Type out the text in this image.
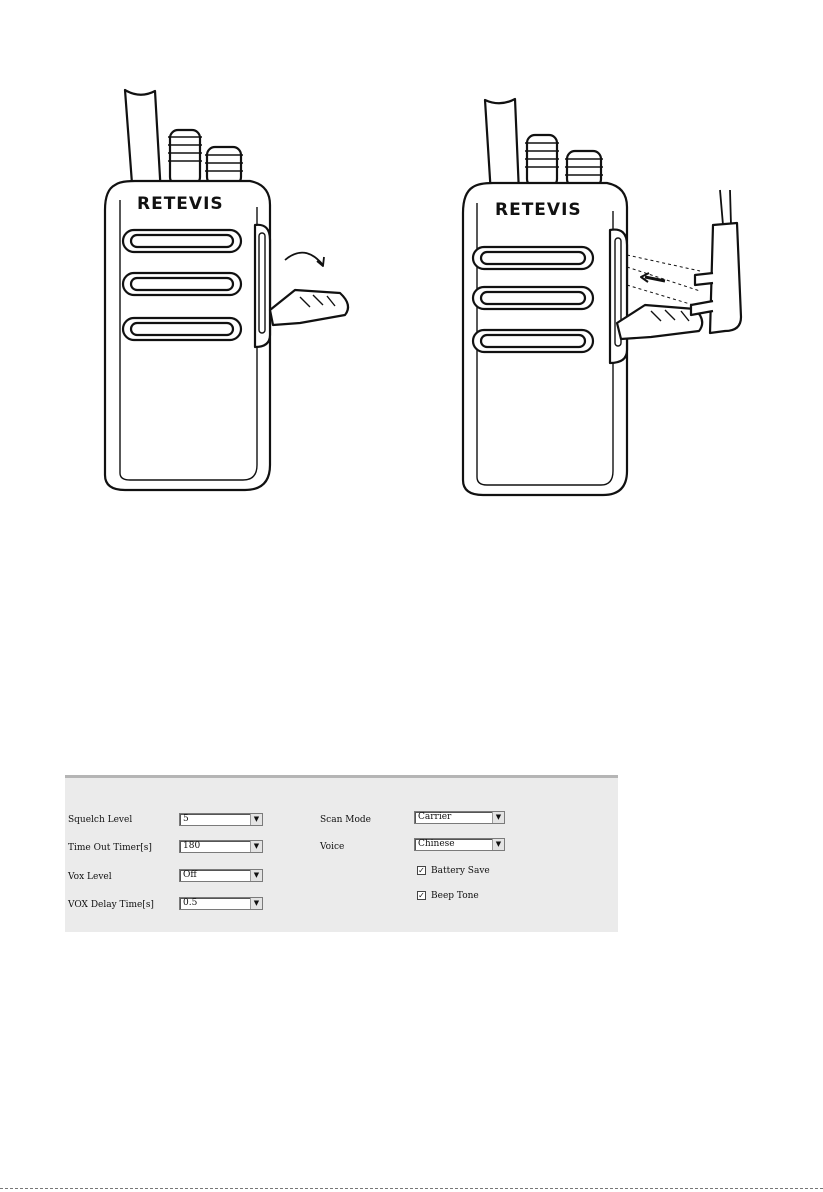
RETEVIS	RETEVIS
Squelch Level	5	▼
Time Out Timer[s]	180	▼
Vox Level	Off	▼
VOX Delay Time[s]	0.5	▼
Scan Mode	Carrier	▼
Voice	Chinese	▼
✓ Battery Save
✓ Beep Tone
